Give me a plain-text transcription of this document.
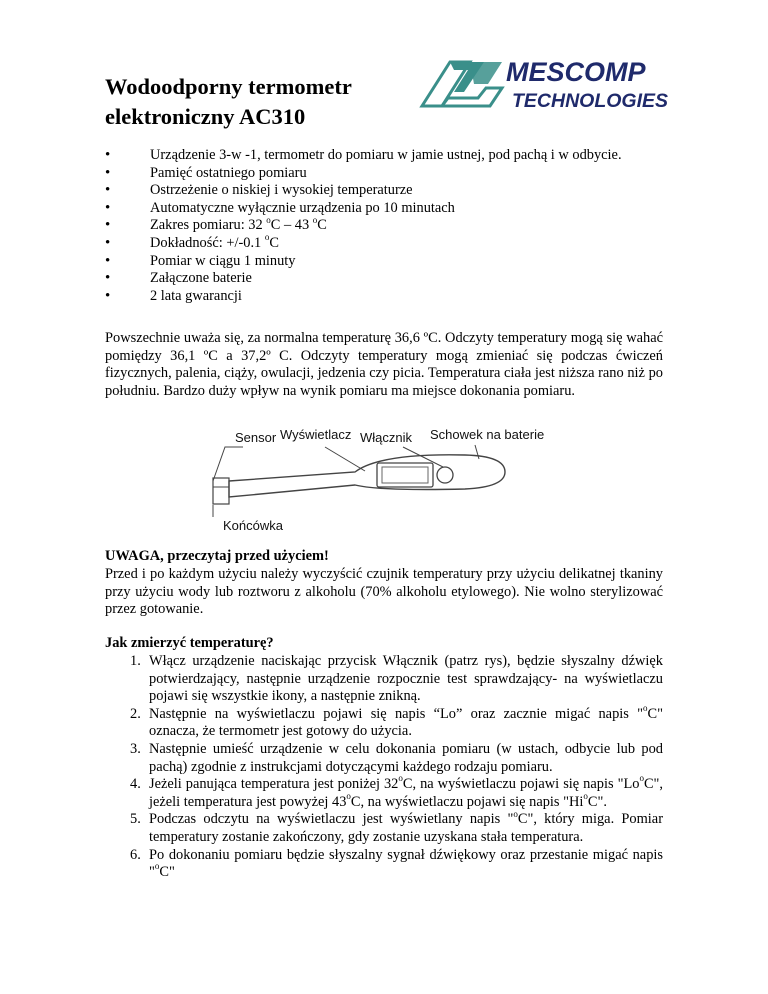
Wodoodporny termometr
elektroniczny AC310
MESCOMP
TECHNOLOGIES
• Urządzenie 3-w -1, termometr do pomiaru w jamie ustnej, pod pachą i w odbycie.
• Pamięć ostatniego pomiaru
• Ostrzeżenie o niskiej i wysokiej temperaturze
• Automatyczne wyłącznie urządzenia po 10 minutach
• Zakres pomiaru: 32 $^o$C – 43 $^o$C
• Dokładność: +/-0.1 $^o$C
• Pomiar w ciągu 1 minuty
• Załączone baterie
• 2 lata gwarancji

Powszechnie uważa się, za normalna temperaturę 36,6 ºC. Odczyty temperatury mogą się wahać pomiędzy 36,1 ºC a 37,2º C. Odczyty temperatury mogą zmieniać się podczas ćwiczeń fizycznych, palenia, ciąży, owulacji, jedzenia czy picia. Temperatura ciała jest niższa rano niż po południu. Bardzo duży wpływ na wynik pomiaru ma miejsce dokonania pomiaru.

Sensor Wyświetlacz Włącznik Schowek na baterie
Końcówka

UWAGA, przeczytaj przed użyciem!

Przed i po każdym użyciu należy wyczyścić czujnik temperatury przy użyciu delikatnej tkaniny przy użyciu wody lub roztworu z alkoholu (70% alkoholu etylowego). Nie wolno sterylizować przez gotowanie.

Jak zmierzyć temperaturę?

1. Włącz urządzenie naciskając przycisk Włącznik (patrz rys), będzie słyszalny dźwięk potwierdzający, następnie urządzenie rozpocznie test sprawdzający- na wyświetlaczu pojawi się wszystkie ikony, a następnie znikną.
2. Następnie na wyświetlaczu pojawi się napis “Lo” oraz zacznie migać napis "$^o$C" oznacza, że termometr jest gotowy do użycia.
3. Następnie umieść urządzenie w celu dokonania pomiaru (w ustach, odbycie lub pod pachą) zgodnie z instrukcjami dotyczącymi każdego rodzaju pomiaru.
4. Jeżeli panująca temperatura jest poniżej 32$^o$C, na wyświetlaczu pojawi się napis "Lo$^o$C", jeżeli temperatura jest powyżej 43$^o$C, na wyświetlaczu pojawi się napis "Hi$^o$C".
5. Podczas odczytu na wyświetlaczu jest wyświetlany napis "$^o$C", który miga. Pomiar temperatury zostanie zakończony, gdy zostanie uzyskana stała temperatura.
6. Po dokonaniu pomiaru będzie słyszalny sygnał dźwiękowy oraz przestanie migać napis "$^o$C"
